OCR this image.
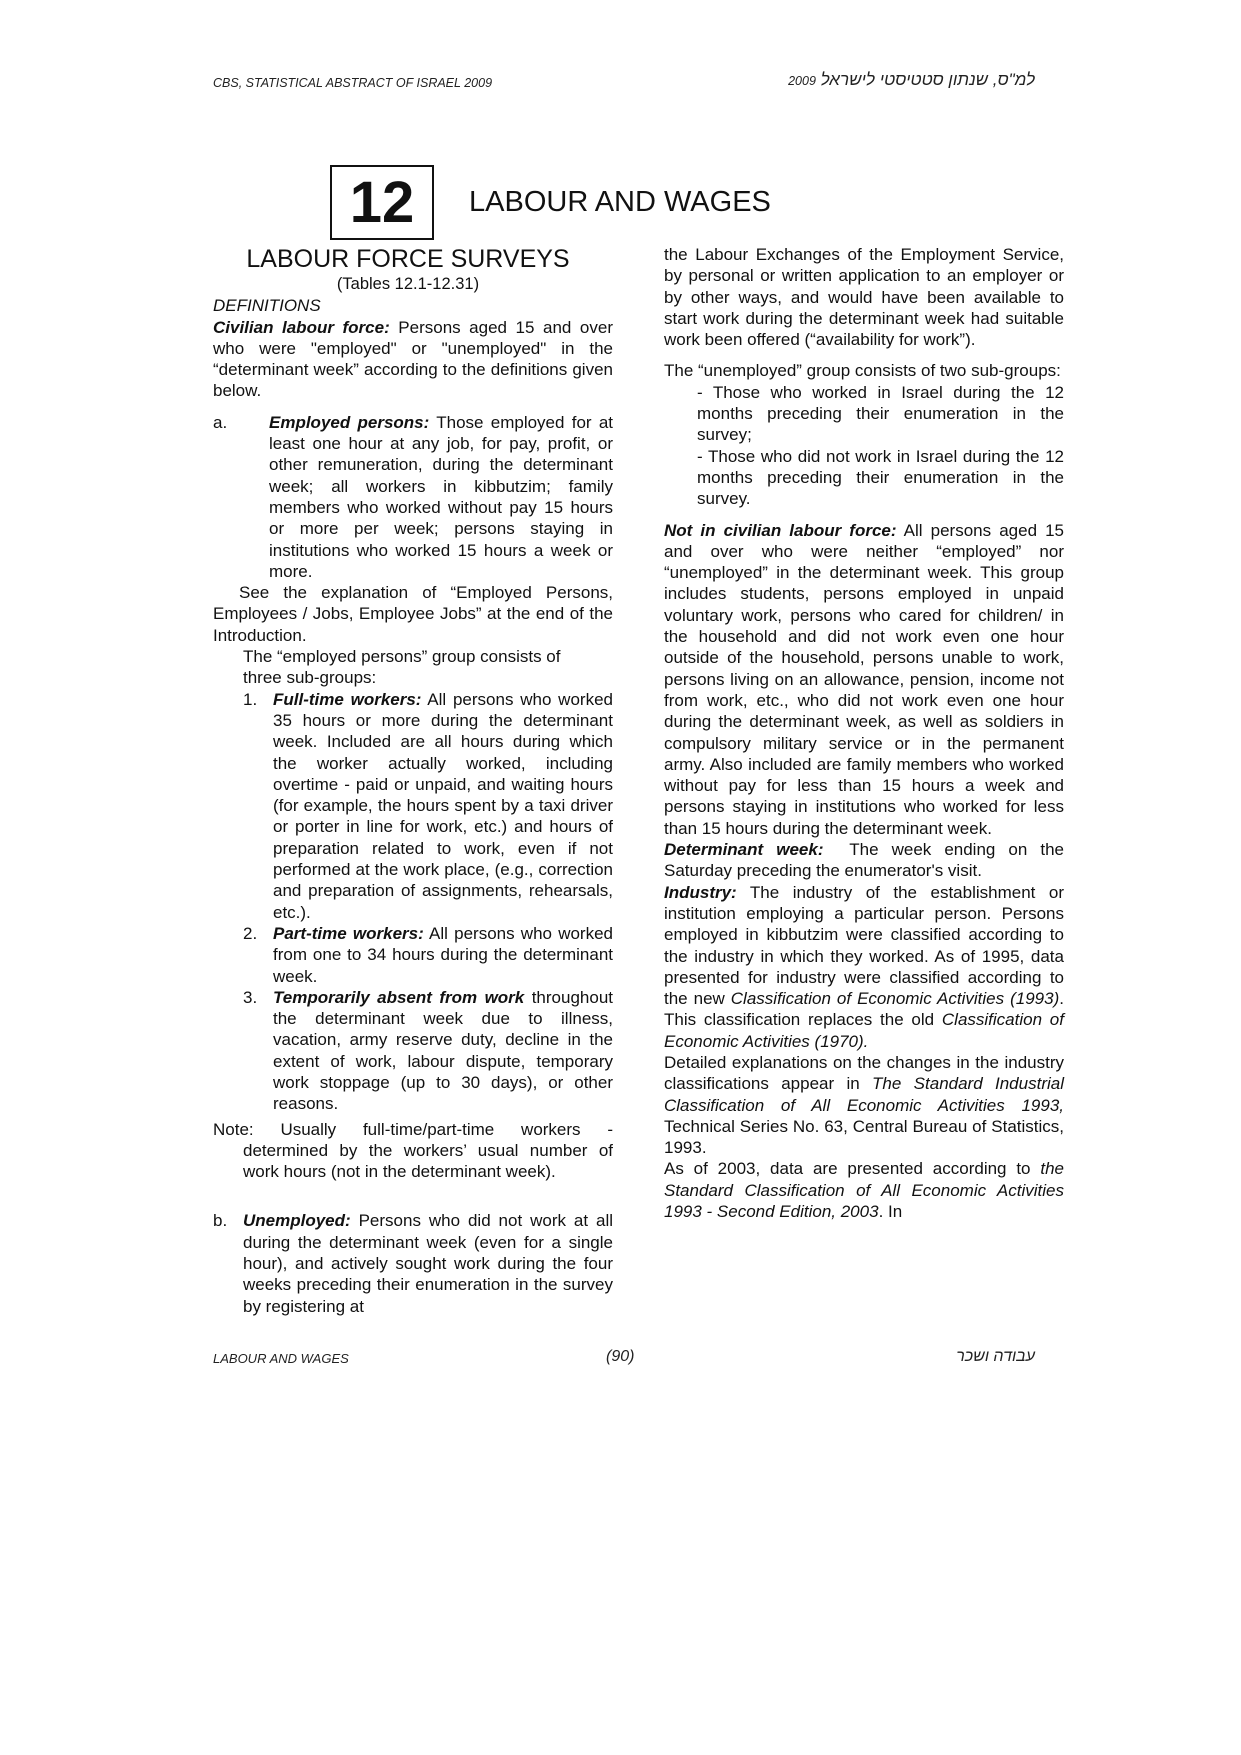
CBS, STATISTICAL ABSTRACT OF ISRAEL 2009	למ"ס, שנתון סטטיסטי לישראל 2009
12	LABOUR AND WAGES
LABOUR FORCE SURVEYS
(Tables 12.1-12.31)

DEFINITIONS

Civilian labour force: Persons aged 15 and over who were "employed" or "unemployed" in the “determinant week” according to the definitions given below.

a.	Employed persons: Those employed for at least one hour at any job, for pay, profit, or other remuneration, during the determinant week; all workers in kibbutzim; family members who worked without pay 15 hours or more per week; persons staying in institutions who worked 15 hours a week or more.

See the explanation of “Employed Persons, Employees / Jobs, Employee Jobs” at the end of the Introduction.

The “employed persons” group consists of three sub-groups:

1. Full-time workers: All persons who worked 35 hours or more during the determinant week. Included are all hours during which the worker actually worked, including overtime - paid or unpaid, and waiting hours (for example, the hours spent by a taxi driver or porter in line for work, etc.) and hours of preparation related to work, even if not performed at the work place, (e.g., correction and preparation of assignments, rehearsals, etc.).
2. Part-time workers: All persons who worked from one to 34 hours during the determinant week.
3. Temporarily absent from work throughout the determinant week due to illness, vacation, army reserve duty, decline in the extent of work, labour dispute, temporary work stoppage (up to 30 days), or other reasons.
Note: Usually full-time/part-time workers - determined by the workers’ usual number of work hours (not in the determinant week).
b. Unemployed: Persons who did not work at all during the determinant week (even for a single hour), and actively sought work during the four weeks preceding their enumeration in the survey by registering at

the Labour Exchanges of the Employment Service, by personal or written application to an employer or by other ways, and would have been available to start work during the determinant week had suitable work been offered (“availability for work”).

The “unemployed” group consists of two sub-groups:

- Those who worked in Israel during the 12 months preceding their enumeration in the survey;

- Those who did not work in Israel during the 12 months preceding their enumeration in the survey.

Not in civilian labour force: All persons aged 15 and over who were neither “employed” nor “unemployed” in the determinant week. This group includes students, persons employed in unpaid voluntary work, persons who cared for children/ in the household and did not work even one hour outside of the household, persons unable to work, persons living on an allowance, pension, income not from work, etc., who did not work even one hour during the determinant week, as well as soldiers in compulsory military service or in the permanent army. Also included are family members who worked without pay for less than 15 hours a week and persons staying in institutions who worked for less than 15 hours during the determinant week.

Determinant week:  The week ending on the Saturday preceding the enumerator's visit.

Industry: The industry of the establishment or institution employing a particular person. Persons employed in kibbutzim were classified according to the industry in which they worked. As of 1995, data presented for industry were classified according to the new Classification of Economic Activities (1993). This classification replaces the old Classification of Economic Activities (1970).

Detailed explanations on the changes in the industry classifications appear in The Standard Industrial Classification of All Economic Activities 1993, Technical Series No. 63, Central Bureau of Statistics, 1993.

As of 2003, data are presented according to the Standard Classification of All Economic Activities 1993 - Second Edition, 2003. In

LABOUR AND WAGES	(90)	עבודה ושכר
